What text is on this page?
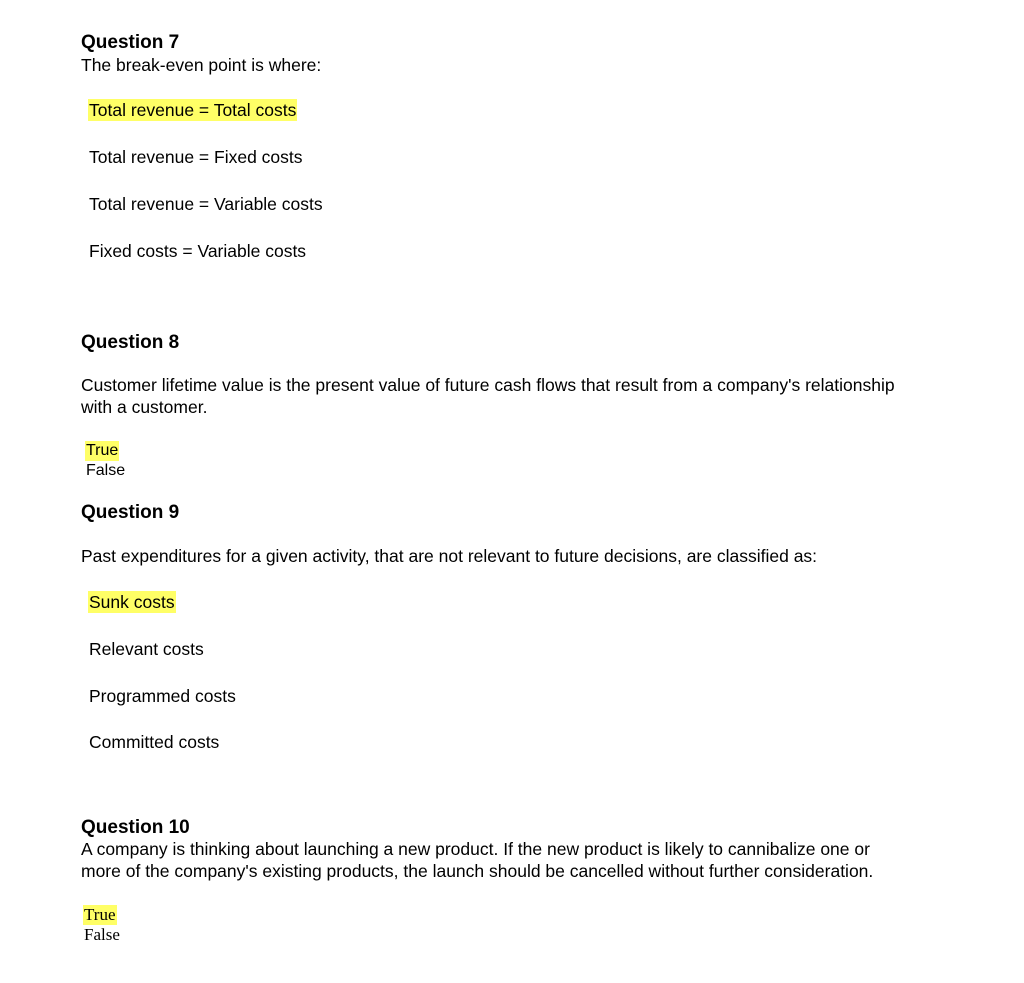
Question 7
The break-even point is where:
Total revenue = Total costs
Total revenue = Fixed costs
Total revenue = Variable costs
Fixed costs = Variable costs
Question 8
Customer lifetime value is the present value of future cash flows that result from a company's relationship
with a customer.
True
False
Question 9
Past expenditures for a given activity, that are not relevant to future decisions, are classified as:
Sunk costs
Relevant costs
Programmed costs
Committed costs
Question 10
A company is thinking about launching a new product. If the new product is likely to cannibalize one or
more of the company's existing products, the launch should be cancelled without further consideration.
True
False
